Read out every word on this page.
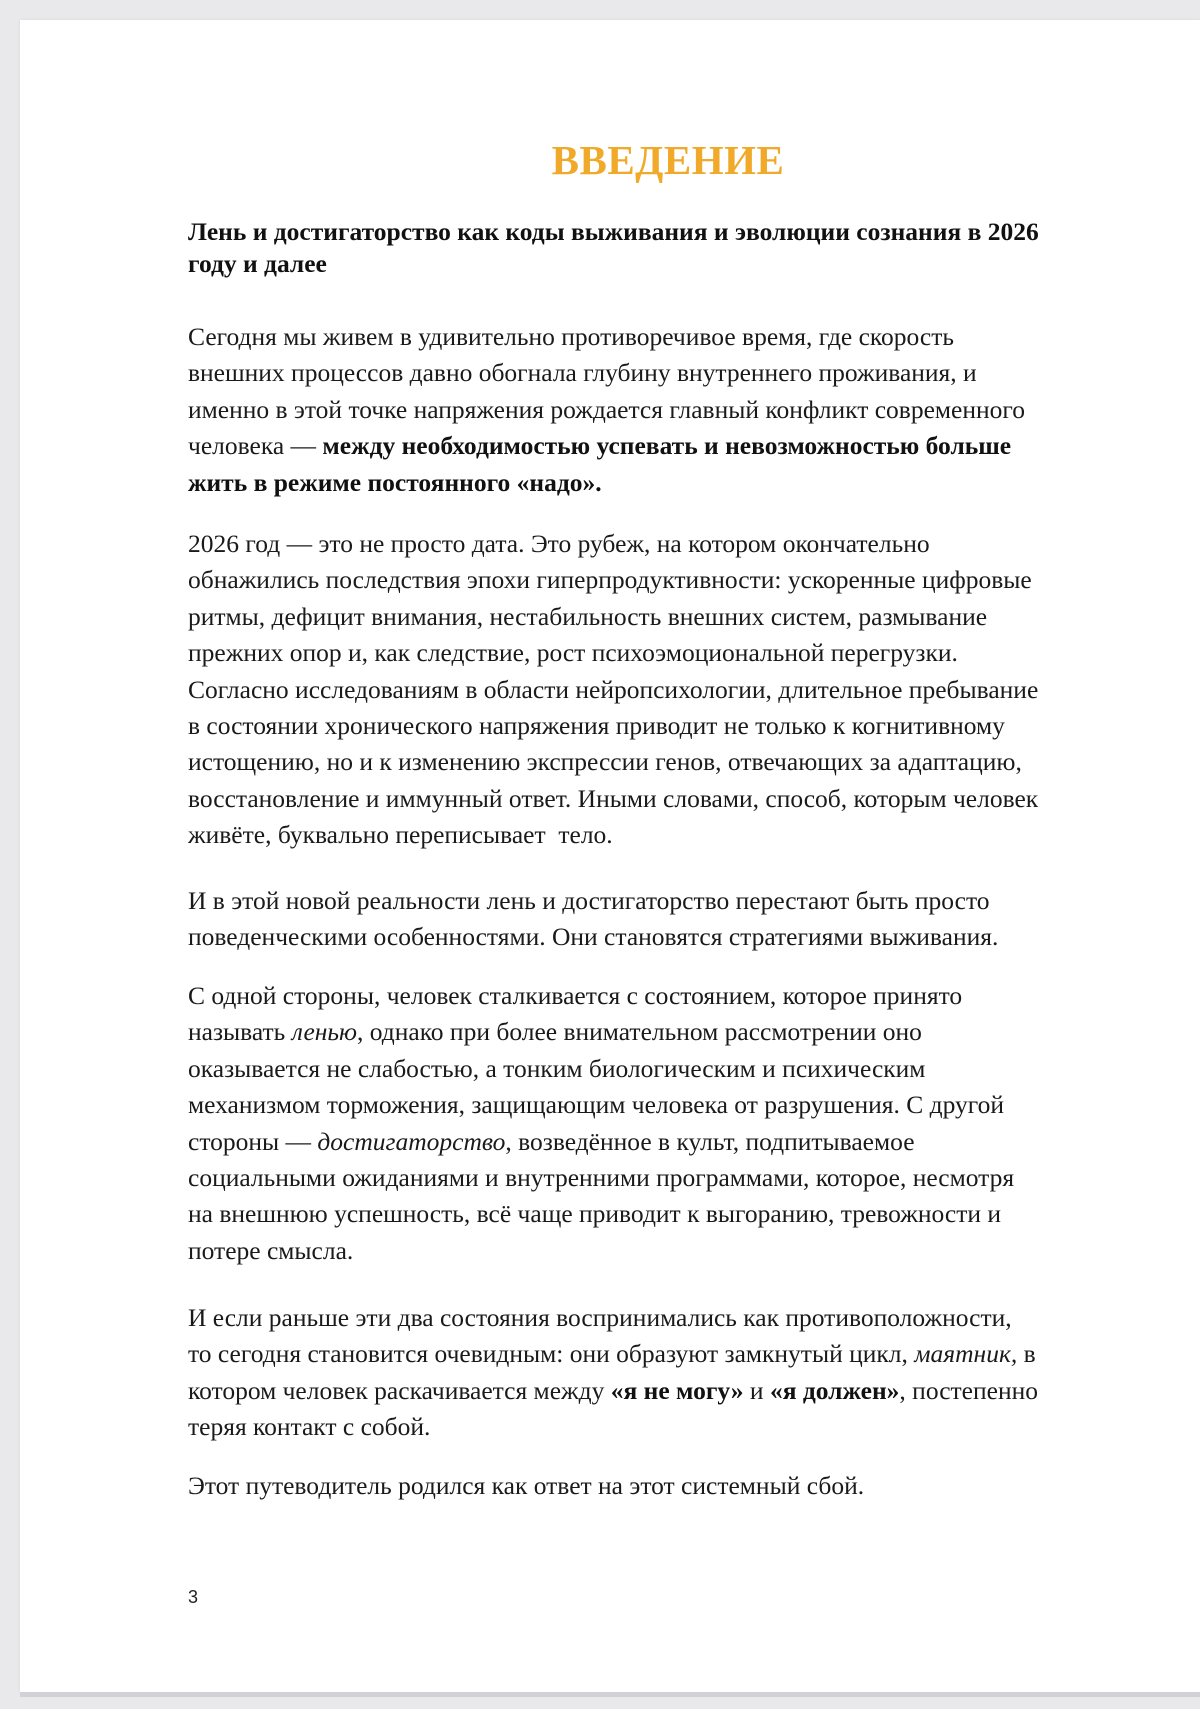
ВВЕДЕНИЕ

Лень и достигаторство как коды выживания и эволюции сознания в 2026
году и далее

Сегодня мы живем в удивительно противоречивое время, где скорость
внешних процессов давно обогнала глубину внутреннего проживания, и
именно в этой точке напряжения рождается главный конфликт современного
человека — между необходимостью успевать и невозможностью больше
жить в режиме постоянного «надо».

2026 год — это не просто дата. Это рубеж, на котором окончательно
обнажились последствия эпохи гиперпродуктивности: ускоренные цифровые
ритмы, дефицит внимания, нестабильность внешних систем, размывание
прежних опор и, как следствие, рост психоэмоциональной перегрузки.
Согласно исследованиям в области нейропсихологии, длительное пребывание
в состоянии хронического напряжения приводит не только к когнитивному
истощению, но и к изменению экспрессии генов, отвечающих за адаптацию,
восстановление и иммунный ответ. Иными словами, способ, которым человек
живёте, буквально переписывает  тело.

И в этой новой реальности лень и достигаторство перестают быть просто
поведенческими особенностями. Они становятся стратегиями выживания.

С одной стороны, человек сталкивается с состоянием, которое принято
называть ленью, однако при более внимательном рассмотрении оно
оказывается не слабостью, а тонким биологическим и психическим
механизмом торможения, защищающим человека от разрушения. С другой
стороны — достигаторство, возведённое в культ, подпитываемое
социальными ожиданиями и внутренними программами, которое, несмотря
на внешнюю успешность, всё чаще приводит к выгоранию, тревожности и
потере смысла.

И если раньше эти два состояния воспринимались как противоположности,
то сегодня становится очевидным: они образуют замкнутый цикл, маятник, в
котором человек раскачивается между «я не могу» и «я должен», постепенно
теряя контакт с собой.

Этот путеводитель родился как ответ на этот системный сбой.

3
